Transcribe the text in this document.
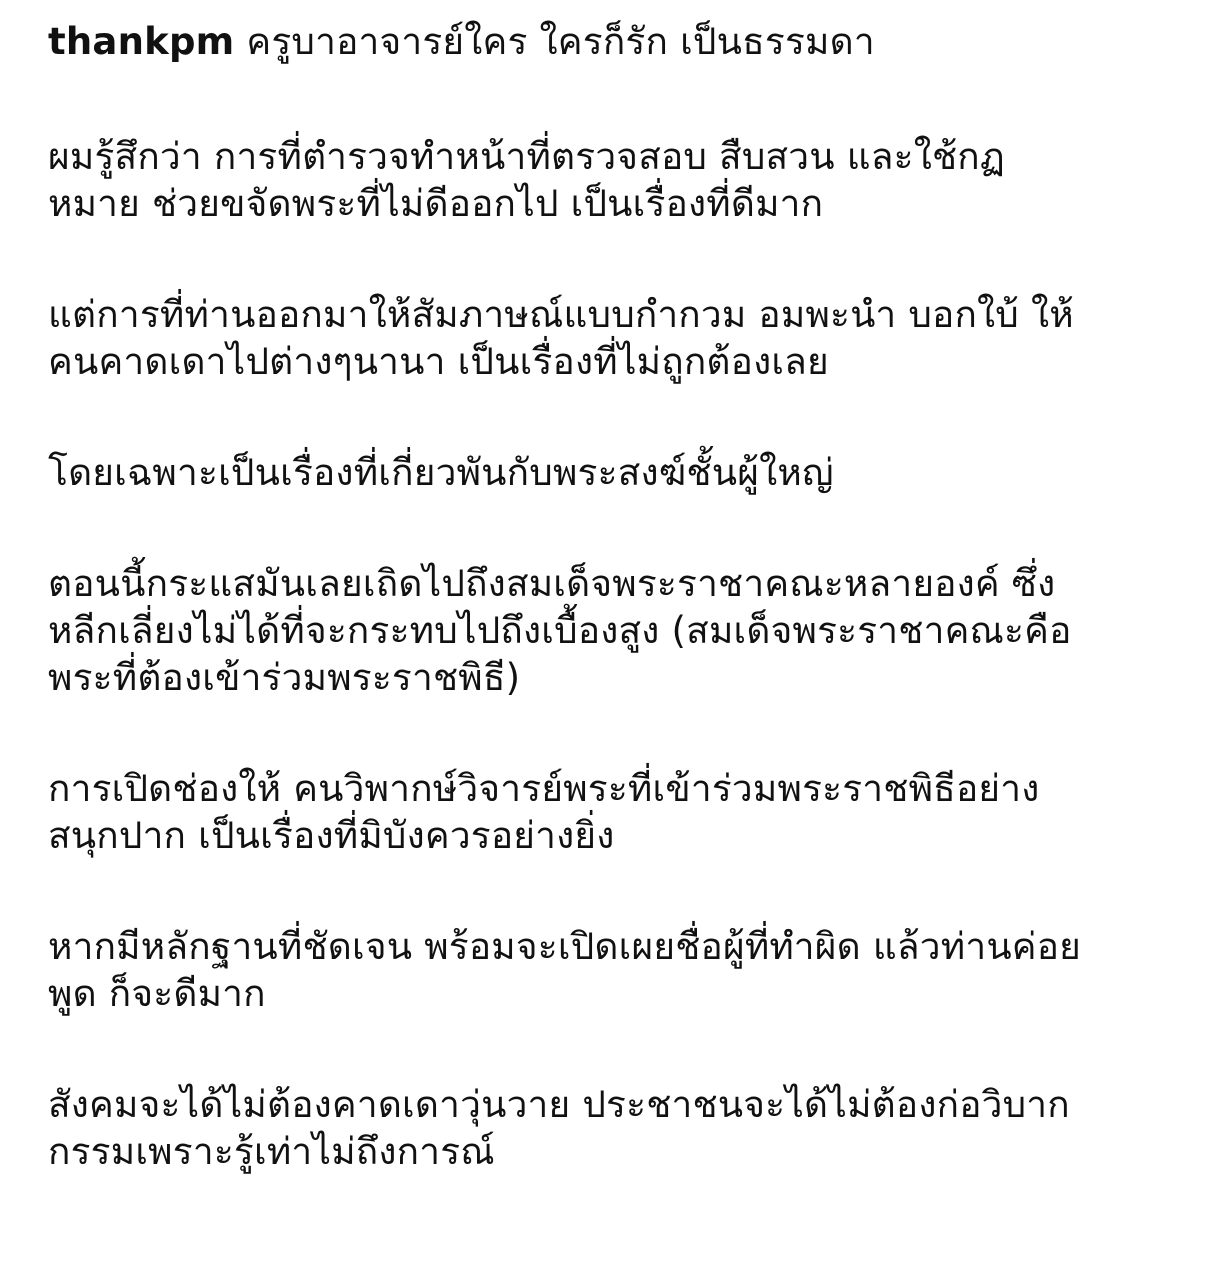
thankpm ครูบาอาจารย์ใคร ใครก็รัก เป็นธรรมดา

ผมรู้สึกว่า การที่ตำรวจทำหน้าที่ตรวจสอบ สืบสวน และใช้กฏ
หมาย ช่วยขจัดพระที่ไม่ดีออกไป เป็นเรื่องที่ดีมาก

แต่การที่ท่านออกมาให้สัมภาษณ์แบบกำกวม อมพะนำ บอกใบ้ ให้
คนคาดเดาไปต่างๆนานา เป็นเรื่องที่ไม่ถูกต้องเลย

โดยเฉพาะเป็นเรื่องที่เกี่ยวพันกับพระสงฆ์ชั้นผู้ใหญ่

ตอนนี้กระแสมันเลยเถิดไปถึงสมเด็จพระราชาคณะหลายองค์ ซึ่ง
หลีกเลี่ยงไม่ได้ที่จะกระทบไปถึงเบื้องสูง (สมเด็จพระราชาคณะคือ
พระที่ต้องเข้าร่วมพระราชพิธี)

การเปิดช่องให้ คนวิพากษ์วิจารย์พระที่เข้าร่วมพระราชพิธีอย่าง
สนุกปาก เป็นเรื่องที่มิบังควรอย่างยิ่ง

หากมีหลักฐานที่ชัดเจน พร้อมจะเปิดเผยชื่อผู้ที่ทำผิด แล้วท่านค่อย
พูด ก็จะดีมาก

สังคมจะได้ไม่ต้องคาดเดาวุ่นวาย ประชาชนจะได้ไม่ต้องก่อวิบาก
กรรมเพราะรู้เท่าไม่ถึงการณ์
